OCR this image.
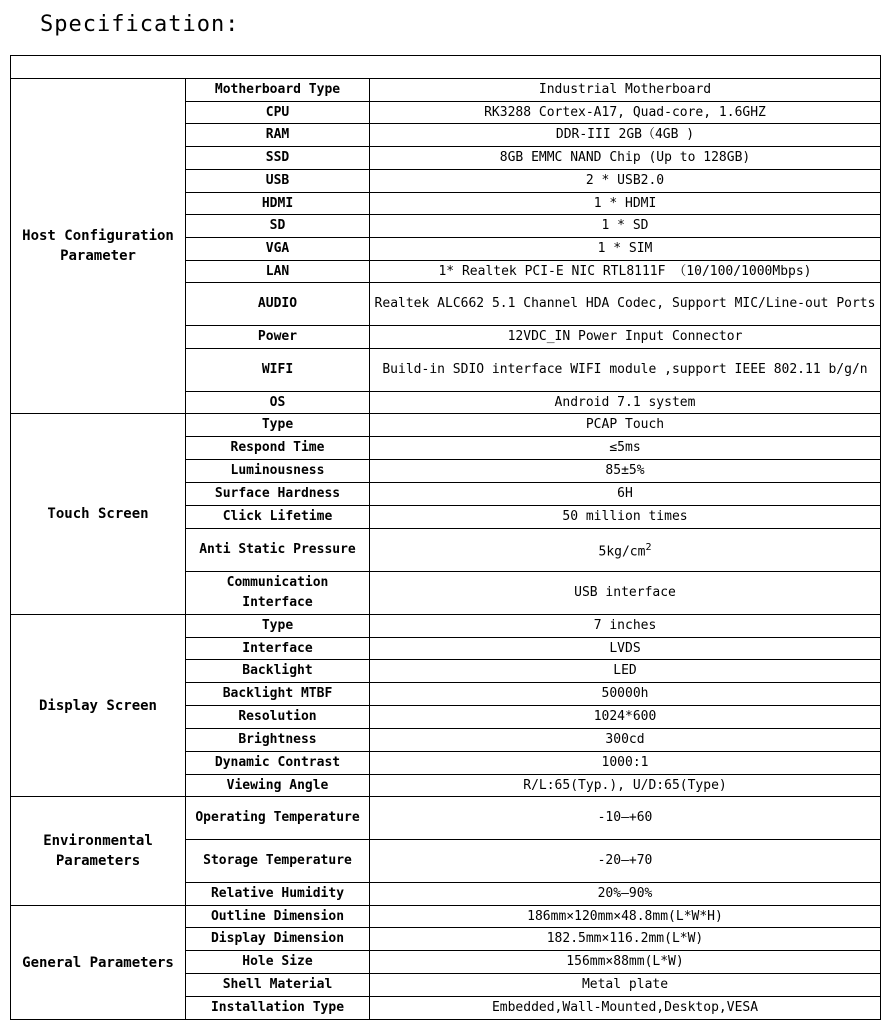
Specification:

Host Configuration Parameter	Motherboard Type	Industrial Motherboard
	CPU	RK3288 Cortex-A17, Quad-core, 1.6GHZ
	RAM	DDR-III 2GB（4GB )
	SSD	8GB EMMC NAND Chip (Up to 128GB)
	USB	2 * USB2.0
	HDMI	1 * HDMI
	SD	1 * SD
	VGA	1 * SIM
	LAN	1* Realtek PCI-E NIC RTL8111F （10/100/1000Mbps)
	AUDIO	Realtek ALC662 5.1 Channel HDA Codec, Support MIC/Line-out Ports
	Power	12VDC_IN Power Input Connector
	WIFI	Build-in SDIO interface WIFI module ,support IEEE 802.11 b/g/n
	OS	Android 7.1 system
Touch Screen	Type	PCAP Touch
	Respond Time	≤5ms
	Luminousness	85±5%
	Surface Hardness	6H
	Click Lifetime	50 million times
	Anti Static Pressure	$5kg/cm^2$
	Communication Interface	USB interface
Display Screen	Type	7 inches
	Interface	LVDS
	Backlight	LED
	Backlight MTBF	50000h
	Resolution	1024*600
	Brightness	300cd
	Dynamic Contrast	1000:1
	Viewing Angle	R/L:65(Typ.), U/D:65(Type)
Environmental Parameters	Operating Temperature	-10—+60
	Storage Temperature	-20—+70
	Relative Humidity	20%—90%
General Parameters	Outline Dimension	186mm×120mm×48.8mm(L*W*H)
	Display Dimension	182.5mm×116.2mm(L*W)
	Hole Size	156mm×88mm(L*W)
	Shell Material	Metal plate
	Installation Type	Embedded,Wall-Mounted,Desktop,VESA
